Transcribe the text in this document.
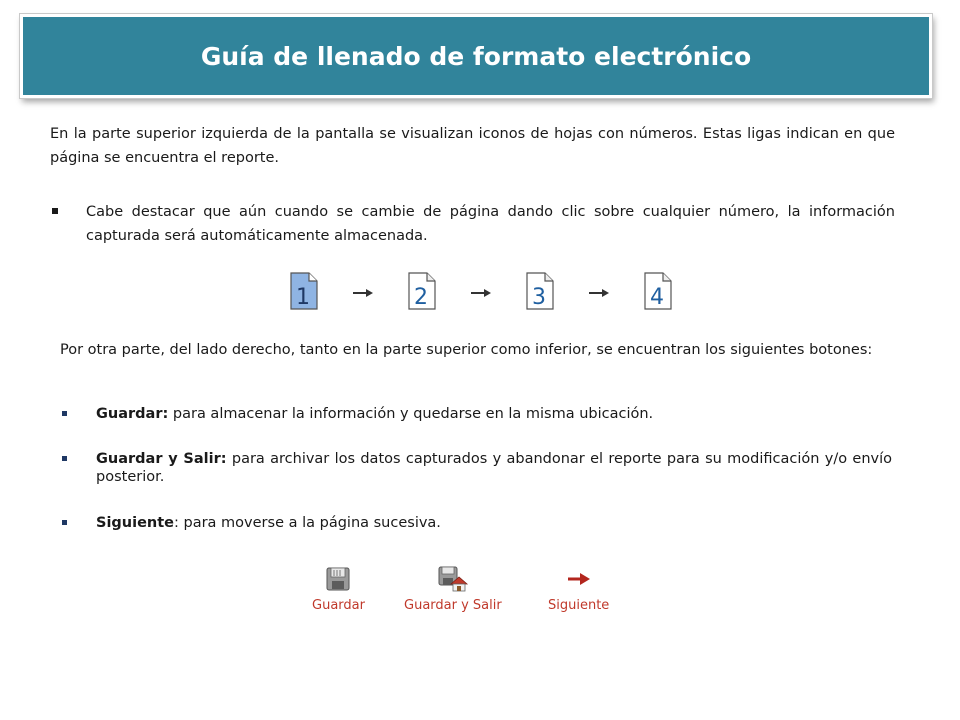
Guía de llenado de formato electrónico

En la parte superior izquierda de la pantalla se visualizan iconos de hojas con números. Estas ligas indican en que página se encuentra el reporte.

Cabe destacar que aún cuando se cambie de página dando clic sobre cualquier número, la información capturada será automáticamente almacenada.
1	2	3	4

Por otra parte, del lado derecho, tanto en la parte superior como inferior, se encuentran los siguientes botones:

Guardar: para almacenar la información y quedarse en la misma ubicación.
Guardar y Salir: para archivar los datos capturados y abandonar el reporte para su modificación y/o envío posterior.
Siguiente: para moverse a la página sucesiva.
Guardar	Guardar y Salir	Siguiente
